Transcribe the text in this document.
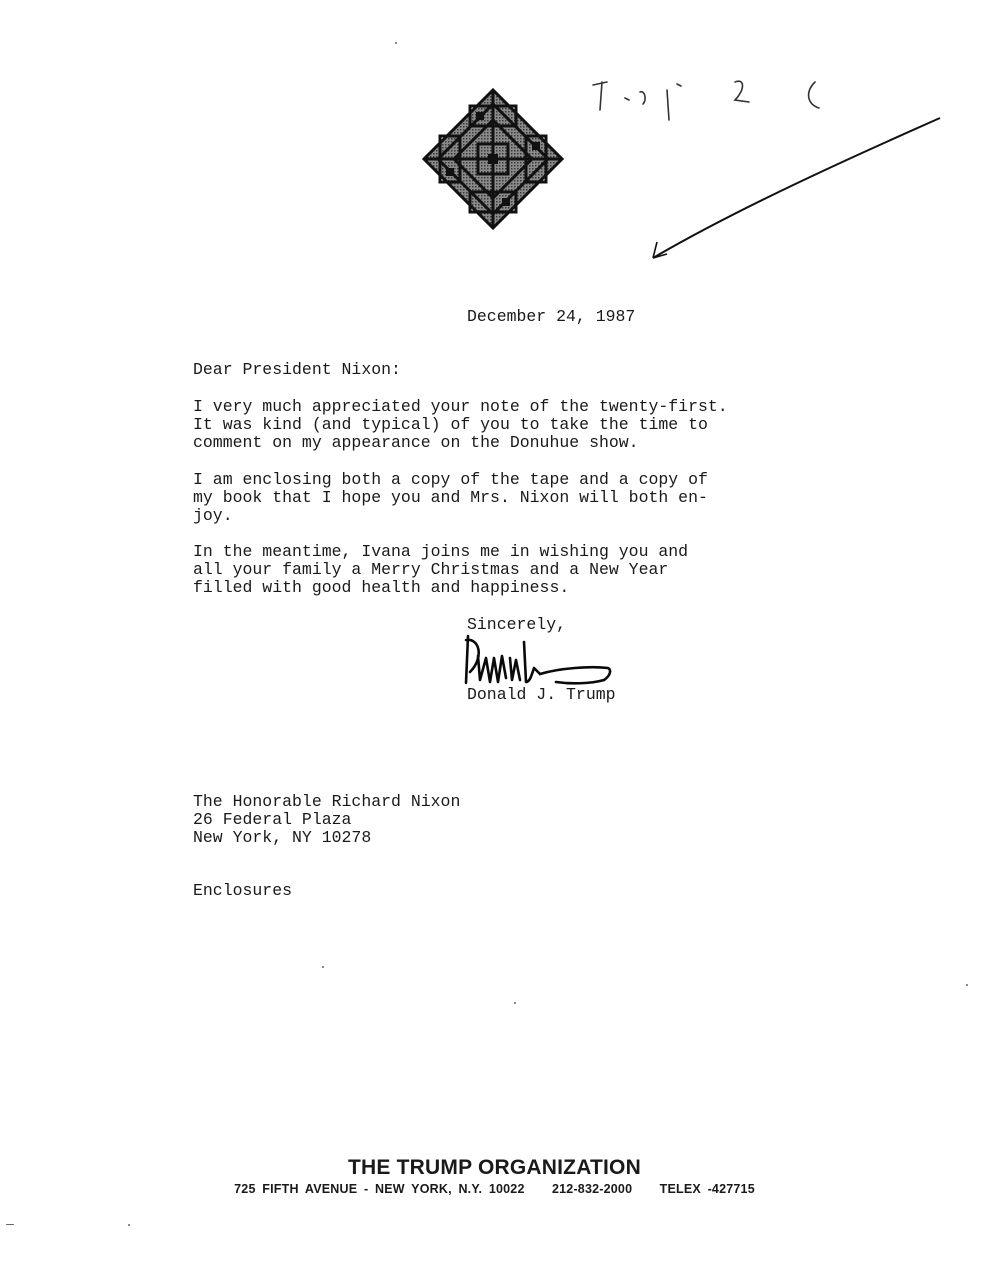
December 24, 1987
Dear President Nixon:
I very much appreciated your note of the twenty-first.
It was kind (and typical) of you to take the time to
comment on my appearance on the Donuhue show.
I am enclosing both a copy of the tape and a copy of
my book that I hope you and Mrs. Nixon will both en-
joy.
In the meantime, Ivana joins me in wishing you and
all your family a Merry Christmas and a New Year
filled with good health and happiness.
Sincerely,
Donald J. Trump
The Honorable Richard Nixon
26 Federal Plaza
New York, NY 10278
Enclosures
THE TRUMP ORGANIZATION
725 FIFTH AVENUE - NEW YORK, N.Y. 10022 212-832-2000 TELEX -427715
